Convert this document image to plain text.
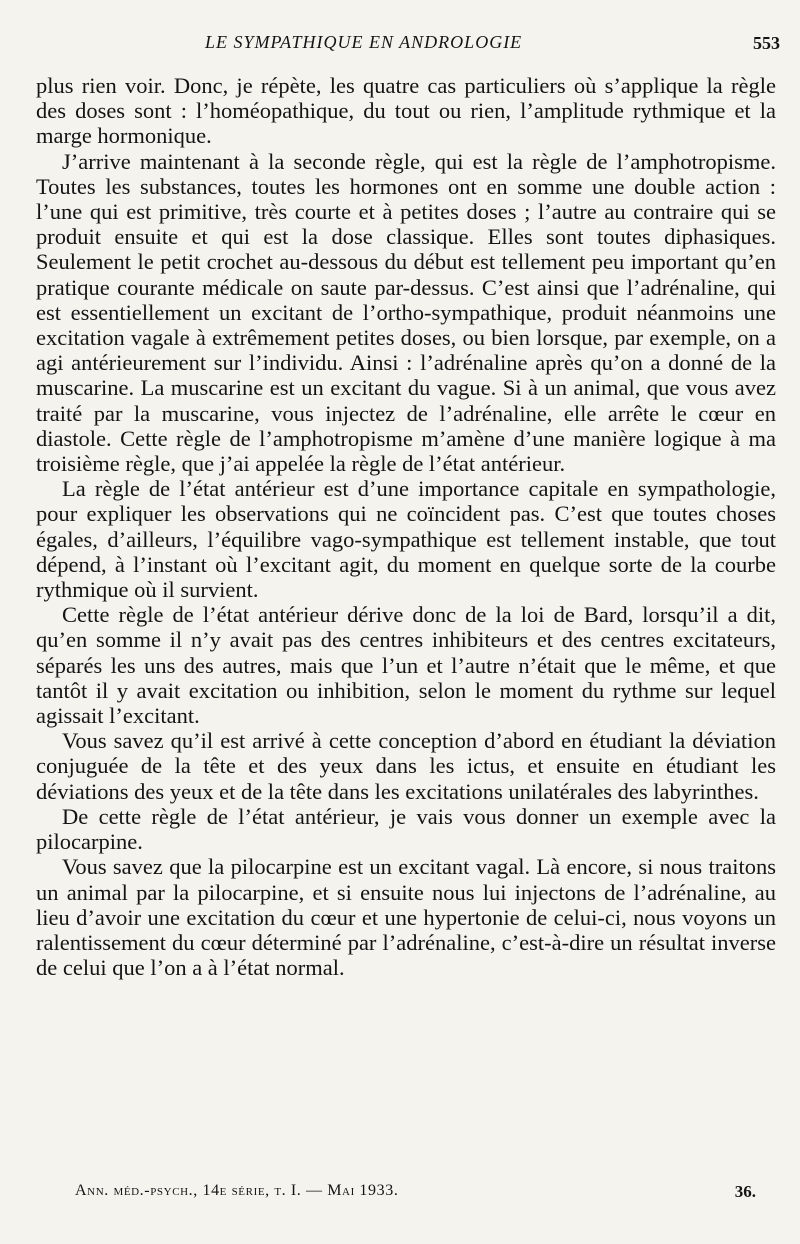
LE SYMPATHIQUE EN ANDROLOGIE	553

plus rien voir. Donc, je répète, les quatre cas particuliers où s’applique la règle des doses sont : l’homéopathique, du tout ou rien, l’amplitude rythmique et la marge hormonique.

J’arrive maintenant à la seconde règle, qui est la règle de l’amphotropisme. Toutes les substances, toutes les hormones ont en somme une double action : l’une qui est primitive, très courte et à petites doses ; l’autre au contraire qui se produit ensuite et qui est la dose classique. Elles sont toutes diphasiques. Seulement le petit crochet au-dessous du début est tellement peu important qu’en pratique courante médicale on saute par-dessus. C’est ainsi que l’adrénaline, qui est essentiellement un excitant de l’ortho-sympathique, produit néanmoins une excitation vagale à extrêmement petites doses, ou bien lorsque, par exemple, on a agi antérieurement sur l’individu. Ainsi : l’adrénaline après qu’on a donné de la muscarine. La muscarine est un excitant du vague. Si à un animal, que vous avez traité par la muscarine, vous injectez de l’adrénaline, elle arrête le cœur en diastole. Cette règle de l’amphotropisme m’amène d’une manière logique à ma troisième règle, que j’ai appelée la règle de l’état antérieur.

La règle de l’état antérieur est d’une importance capitale en sympathologie, pour expliquer les observations qui ne coïncident pas. C’est que toutes choses égales, d’ailleurs, l’équilibre vago-sympathique est tellement instable, que tout dépend, à l’instant où l’excitant agit, du moment en quelque sorte de la courbe rythmique où il survient.

Cette règle de l’état antérieur dérive donc de la loi de Bard, lorsqu’il a dit, qu’en somme il n’y avait pas des centres inhibiteurs et des centres excitateurs, séparés les uns des autres, mais que l’un et l’autre n’était que le même, et que tantôt il y avait excitation ou inhibition, selon le moment du rythme sur lequel agissait l’excitant.

Vous savez qu’il est arrivé à cette conception d’abord en étudiant la déviation conjuguée de la tête et des yeux dans les ictus, et ensuite en étudiant les déviations des yeux et de la tête dans les excitations unilatérales des labyrinthes.

De cette règle de l’état antérieur, je vais vous donner un exemple avec la pilocarpine.

Vous savez que la pilocarpine est un excitant vagal. Là encore, si nous traitons un animal par la pilocarpine, et si ensuite nous lui injectons de l’adrénaline, au lieu d’avoir une excitation du cœur et une hypertonie de celui-ci, nous voyons un ralentissement du cœur déterminé par l’adrénaline, c’est-à-dire un résultat inverse de celui que l’on a à l’état normal.

Ann. méd.-psych., 14e série, t. I. — Mai 1933.	36.
